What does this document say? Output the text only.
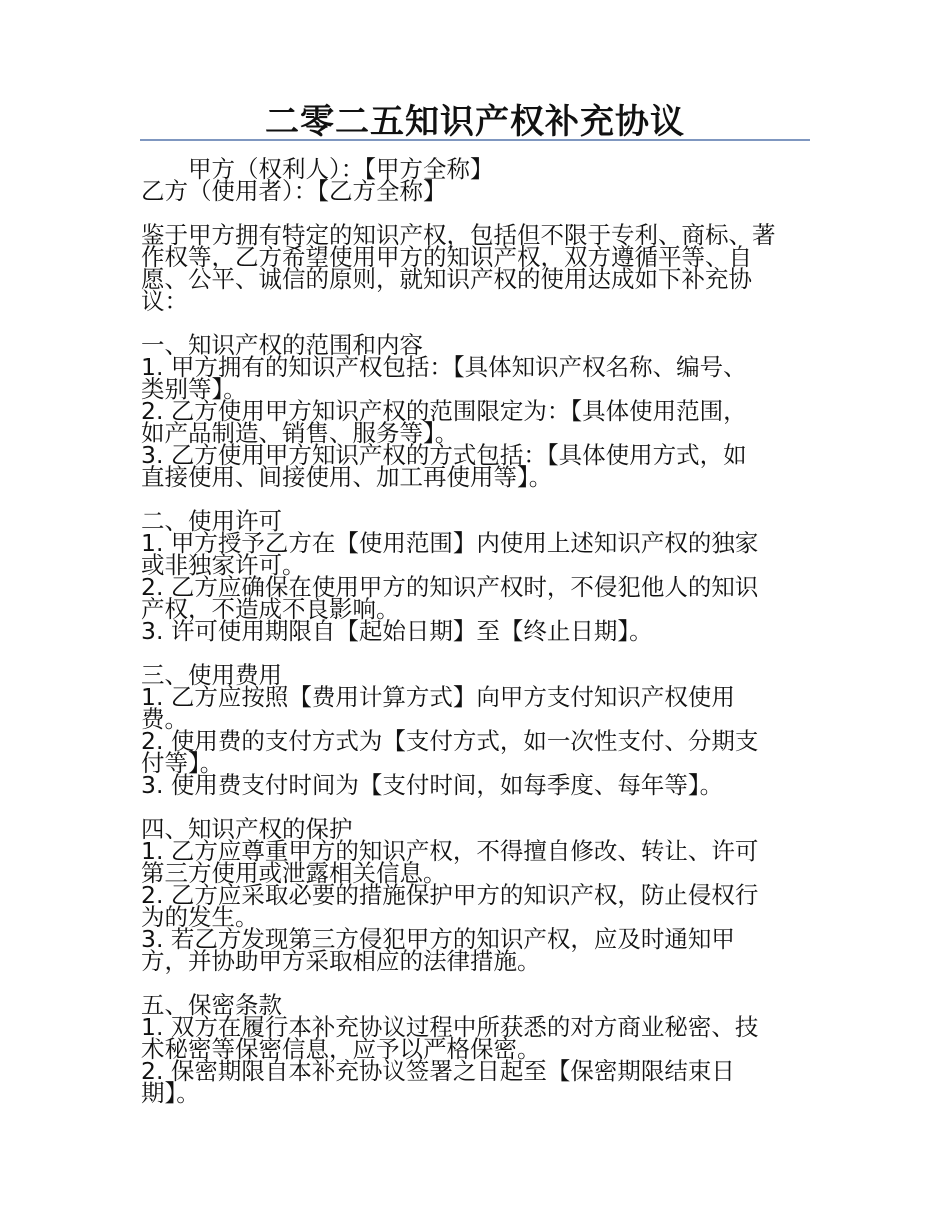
二零二五知识产权补充协议

甲方（权利人）：【甲方全称】

乙方（使用者）：【乙方全称】

鉴于甲方拥有特定的知识产权，包括但不限于专利、商标、著

作权等，乙方希望使用甲方的知识产权，双方遵循平等、自

愿、公平、诚信的原则，就知识产权的使用达成如下补充协

议：

一、知识产权的范围和内容

1. 甲方拥有的知识产权包括：【具体知识产权名称、编号、

类别等】。

2. 乙方使用甲方知识产权的范围限定为：【具体使用范围，

如产品制造、销售、服务等】。

3. 乙方使用甲方知识产权的方式包括：【具体使用方式，如

直接使用、间接使用、加工再使用等】。

二、使用许可

1. 甲方授予乙方在【使用范围】内使用上述知识产权的独家

或非独家许可。

2. 乙方应确保在使用甲方的知识产权时，不侵犯他人的知识

产权，不造成不良影响。

3. 许可使用期限自【起始日期】至【终止日期】。

三、使用费用

1. 乙方应按照【费用计算方式】向甲方支付知识产权使用

费。

2. 使用费的支付方式为【支付方式，如一次性支付、分期支

付等】。

3. 使用费支付时间为【支付时间，如每季度、每年等】。

四、知识产权的保护

1. 乙方应尊重甲方的知识产权，不得擅自修改、转让、许可

第三方使用或泄露相关信息。

2. 乙方应采取必要的措施保护甲方的知识产权，防止侵权行

为的发生。

3. 若乙方发现第三方侵犯甲方的知识产权，应及时通知甲

方，并协助甲方采取相应的法律措施。

五、保密条款

1. 双方在履行本补充协议过程中所获悉的对方商业秘密、技

术秘密等保密信息，应予以严格保密。

2. 保密期限自本补充协议签署之日起至【保密期限结束日

期】。
